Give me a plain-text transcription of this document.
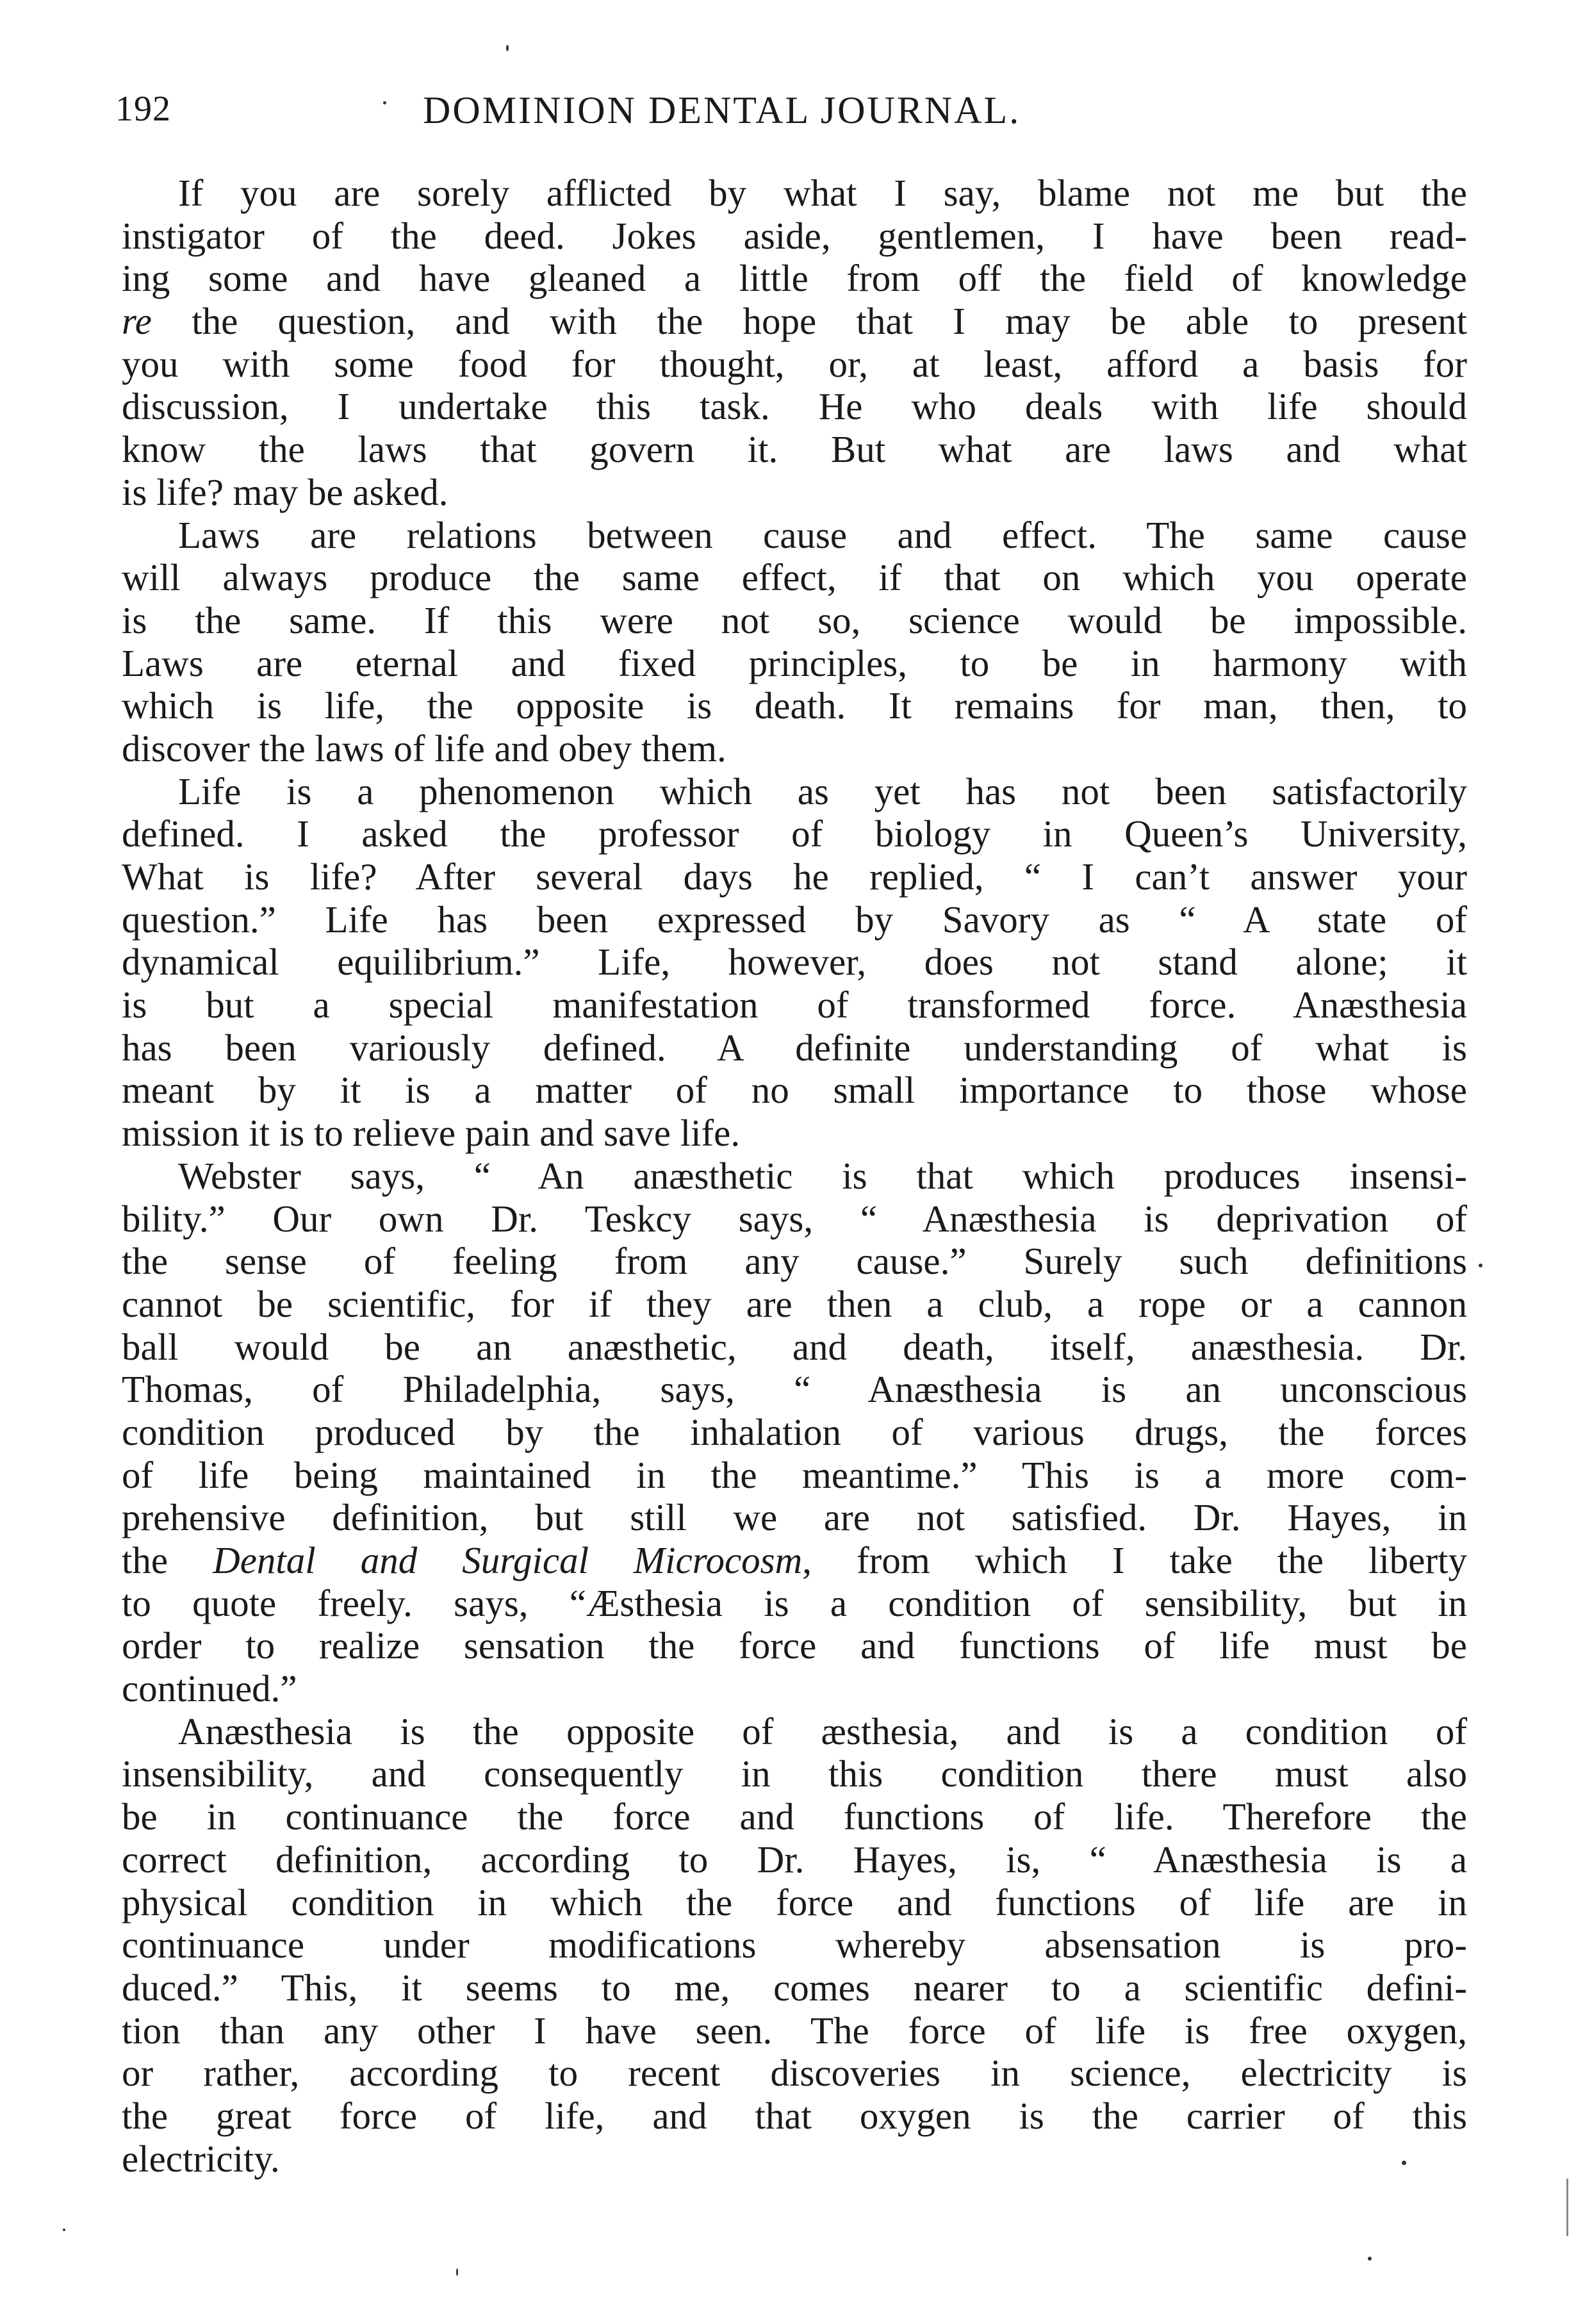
192	DOMINION DENTAL JOURNAL.
If you are sorely afflicted by what I say, blame not me but the
instigator of the deed. Jokes aside, gentlemen, I have been read-
ing some and have gleaned a little from off the field of knowledge
re the question, and with the hope that I may be able to present
you with some food for thought, or, at least, afford a basis for
discussion, I undertake this task. He who deals with life should
know the laws that govern it. But what are laws and what
is life? may be asked.
Laws are relations between cause and effect. The same cause
will always produce the same effect, if that on which you operate
is the same. If this were not so, science would be impossible.
Laws are eternal and fixed principles, to be in harmony with
which is life, the opposite is death. It remains for man, then, to
discover the laws of life and obey them.
Life is a phenomenon which as yet has not been satisfactorily
defined. I asked the professor of biology in Queen’s University,
What is life? After several days he replied, “ I can’t answer your
question.” Life has been expressed by Savory as “ A state of
dynamical equilibrium.” Life, however, does not stand alone; it
is but a special manifestation of transformed force. Anæsthesia
has been variously defined. A definite understanding of what is
meant by it is a matter of no small importance to those whose
mission it is to relieve pain and save life.
Webster says, “ An anæsthetic is that which produces insensi-
bility.” Our own Dr. Teskcy says, “ Anæsthesia is deprivation of
the sense of feeling from any cause.” Surely such definitions
cannot be scientific, for if they are then a club, a rope or a cannon
ball would be an anæsthetic, and death, itself, anæsthesia. Dr.
Thomas, of Philadelphia, says, “ Anæsthesia is an unconscious
condition produced by the inhalation of various drugs, the forces
of life being maintained in the meantime.” This is a more com-
prehensive definition, but still we are not satisfied. Dr. Hayes, in
the Dental and Surgical Microcosm, from which I take the liberty
to quote freely. says, “Æsthesia is a condition of sensibility, but in
order to realize sensation the force and functions of life must be
continued.”
Anæsthesia is the opposite of æsthesia, and is a condition of
insensibility, and consequently in this condition there must also
be in continuance the force and functions of life. Therefore the
correct definition, according to Dr. Hayes, is, “ Anæsthesia is a
physical condition in which the force and functions of life are in
continuance under modifications whereby absensation is pro-
duced.” This, it seems to me, comes nearer to a scientific defini-
tion than any other I have seen. The force of life is free oxygen,
or rather, according to recent discoveries in science, electricity is
the great force of life, and that oxygen is the carrier of this
electricity.
